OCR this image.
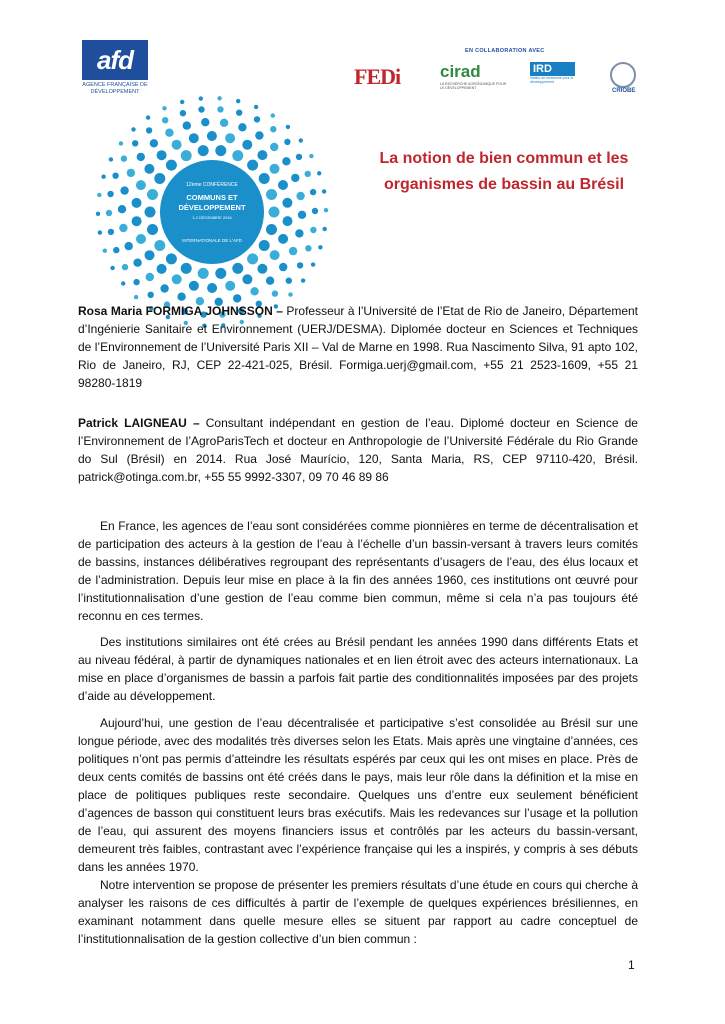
afd
AGENCE FRANÇAISE DE DÉVELOPPEMENT
EN COLLABORATION AVEC
FEDi cirad
LA RECHERCHE AGRONOMIQUE POUR LE DÉVELOPPEMENT
IRD
Institut de recherche pour le développement
CRIOBE
COMMUNS ET
DÉVELOPPEMENT
1-2 DÉCEMBRE 2016
12ème CONFÉRENCE
INTERNATIONALE DE L'AFD
La notion de bien commun et les
organismes de bassin au Brésil
Rosa Maria FORMIGA JOHNSSON – Professeur à l’Université de l’Etat de Rio de Janeiro, Département d’Ingénierie Sanitaire et Environnement (UERJ/DESMA). Diplomée docteur en Sciences et Techniques de l’Environnement de l’Université Paris XII – Val de Marne en 1998. Rua Nascimento Silva, 91 apto 102, Rio de Janeiro, RJ, CEP 22-421-025, Brésil. Formiga.uerj@gmail.com, +55 21 2523-1609, +55 21 98280-1819
Patrick LAIGNEAU – Consultant indépendant en gestion de l’eau. Diplomé docteur en Science de l’Environnement de l’AgroParisTech et docteur en Anthropologie de l’Université Fédérale du Rio Grande do Sul (Brésil) en 2014. Rua José Maurício, 120, Santa Maria, RS, CEP 97110-420, Brésil. patrick@otinga.com.br, +55 55 9992-3307, 09 70 46 89 86
En France, les agences de l’eau sont considérées comme pionnières en terme de décentralisation et de participation des acteurs à la gestion de l’eau à l’échelle d’un bassin-versant à travers leurs comités de bassins, instances délibératives regroupant des représentants d’usagers de l’eau, des élus locaux et de l’administration. Depuis leur mise en place à la fin des années 1960, ces institutions ont œuvré pour l’institutionnalisation d’une gestion de l’eau comme bien commun, même si cela n’a pas toujours été reconnu en ces termes.
Des institutions similaires ont été crées au Brésil pendant les années 1990 dans différents Etats et au niveau fédéral, à partir de dynamiques nationales et en lien étroit avec des acteurs internationaux. La mise en place d’organismes de bassin a parfois fait partie des conditionnalités imposées par des projets d’aide au développement.
Aujourd’hui, une gestion de l’eau décentralisée et participative s’est consolidée au Brésil sur une longue période, avec des modalités très diverses selon les Etats. Mais après une vingtaine d’années, ces politiques n’ont pas permis d’atteindre les résultats espérés par ceux qui les ont mises en place. Près de deux cents comités de bassins ont été créés dans le pays, mais leur rôle dans la définition et la mise en place de politiques publiques reste secondaire. Quelques uns d’entre eux seulement bénéficient d’agences de basson qui constituent leurs bras exécutifs. Mais les redevances sur l’usage et la pollution de l’eau, qui assurent des moyens financiers issus et contrôlés par les acteurs du bassin-versant, demeurent très faibles, contrastant avec l’expérience française qui les a inspirés, y compris à ses débuts dans les années 1970.
Notre intervention se propose de présenter les premiers résultats d’une étude en cours qui cherche à analyser les raisons de ces difficultés à partir de l’exemple de quelques expériences brésiliennes, en examinant notamment dans quelle mesure elles se situent par rapport au cadre conceptuel de l’institutionnalisation de la gestion collective d’un bien commun :
1
